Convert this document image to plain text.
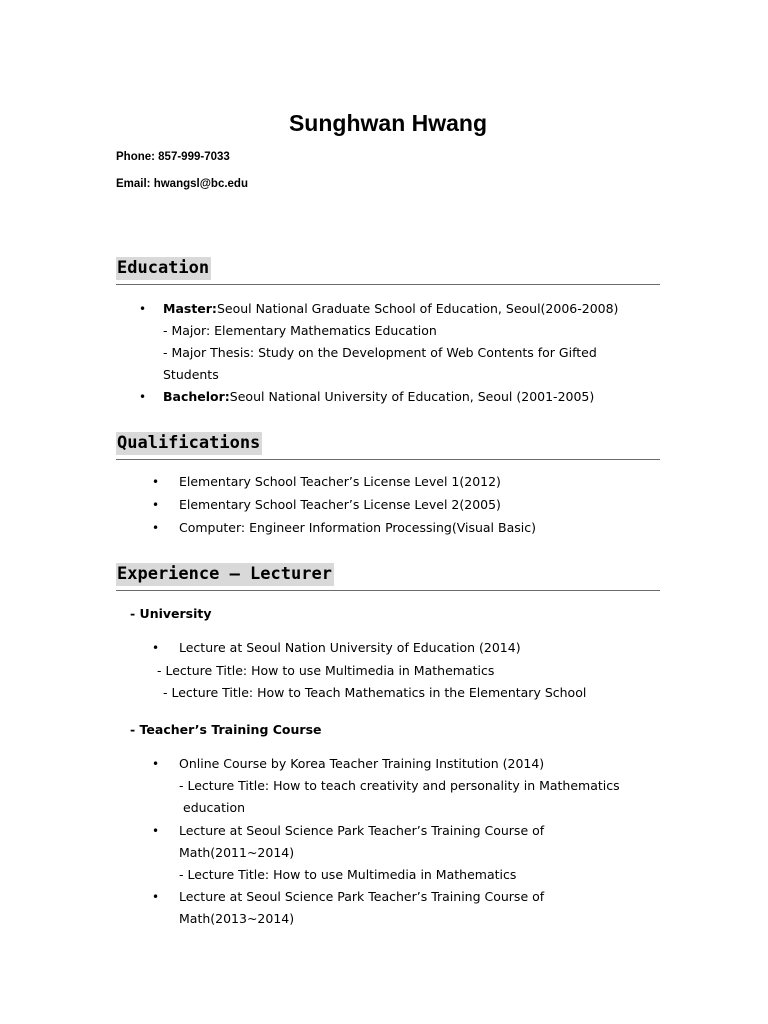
Sunghwan Hwang
Phone: 857-999-7033
Email: hwangsl@bc.edu
Education
• Master:Seoul National Graduate School of Education, Seoul(2006-2008)
- Major: Elementary Mathematics Education
- Major Thesis: Study on the Development of Web Contents for Gifted
Students
• Bachelor:Seoul National University of Education, Seoul (2001-2005)
Qualifications
• Elementary School Teacher’s License Level 1(2012)
• Elementary School Teacher’s License Level 2(2005)
• Computer: Engineer Information Processing(Visual Basic)
Experience – Lecturer
- University
• Lecture at Seoul Nation University of Education (2014)
- Lecture Title: How to use Multimedia in Mathematics
- Lecture Title: How to Teach Mathematics in the Elementary School
- Teacher’s Training Course
• Online Course by Korea Teacher Training Institution (2014)
- Lecture Title: How to teach creativity and personality in Mathematics
education
• Lecture at Seoul Science Park Teacher’s Training Course of
Math(2011~2014)
- Lecture Title: How to use Multimedia in Mathematics
• Lecture at Seoul Science Park Teacher’s Training Course of
Math(2013~2014)
